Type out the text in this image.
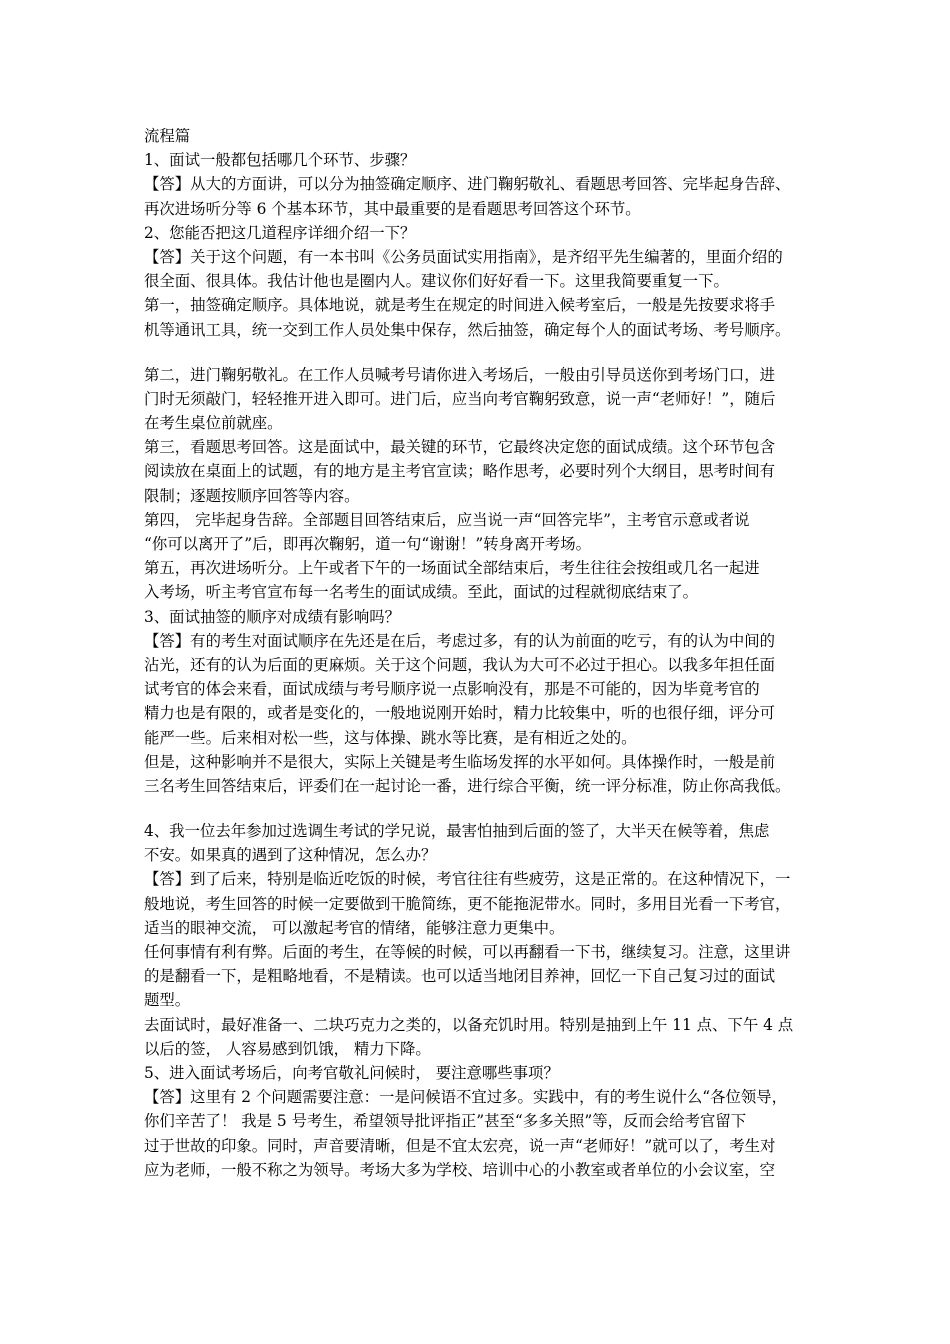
流程篇
1、面试一般都包括哪几个环节、步骤？
【答】从大的方面讲，可以分为抽签确定顺序、进门鞠躬敬礼、看题思考回答、完毕起身告辞、
再次进场听分等 6 个基本环节，其中最重要的是看题思考回答这个环节。
2、您能否把这几道程序详细介绍一下？
【答】关于这个问题，有一本书叫《公务员面试实用指南》，是齐绍平先生编著的，里面介绍的
很全面、很具体。我估计他也是圈内人。建议你们好好看一下。这里我简要重复一下。
第一，抽签确定顺序。具体地说，就是考生在规定的时间进入候考室后，一般是先按要求将手
机等通讯工具，统一交到工作人员处集中保存，然后抽签，确定每个人的面试考场、考号顺序。
第二，进门鞠躬敬礼。在工作人员喊考号请你进入考场后，一般由引导员送你到考场门口，进
门时无须敲门，轻轻推开进入即可。进门后，应当向考官鞠躬致意，说一声“老师好！”，随后
在考生桌位前就座。
第三，看题思考回答。这是面试中，最关键的环节，它最终决定您的面试成绩。这个环节包含
阅读放在桌面上的试题，有的地方是主考官宣读；略作思考，必要时列个大纲目，思考时间有
限制；逐题按顺序回答等内容。
第四， 完毕起身告辞。全部题目回答结束后，应当说一声“回答完毕”，主考官示意或者说
“你可以离开了”后，即再次鞠躬，道一句“谢谢！”转身离开考场。
第五，再次进场听分。上午或者下午的一场面试全部结束后，考生往往会按组或几名一起进
入考场，听主考官宣布每一名考生的面试成绩。至此，面试的过程就彻底结束了。
3、面试抽签的顺序对成绩有影响吗？
【答】有的考生对面试顺序在先还是在后，考虑过多，有的认为前面的吃亏，有的认为中间的
沾光，还有的认为后面的更麻烦。关于这个问题，我认为大可不必过于担心。以我多年担任面
试考官的体会来看，面试成绩与考号顺序说一点影响没有，那是不可能的，因为毕竟考官的
精力也是有限的，或者是变化的，一般地说刚开始时，精力比较集中，听的也很仔细，评分可
能严一些。后来相对松一些，这与体操、跳水等比赛，是有相近之处的。
但是，这种影响并不是很大，实际上关键是考生临场发挥的水平如何。具体操作时，一般是前
三名考生回答结束后，评委们在一起讨论一番，进行综合平衡，统一评分标准，防止你高我低。
4、我一位去年参加过选调生考试的学兄说，最害怕抽到后面的签了，大半天在候等着，焦虑
不安。如果真的遇到了这种情况，怎么办？
【答】到了后来，特别是临近吃饭的时候，考官往往有些疲劳，这是正常的。在这种情况下，一
般地说，考生回答的时候一定要做到干脆简练，更不能拖泥带水。同时，多用目光看一下考官，
适当的眼神交流， 可以激起考官的情绪，能够注意力更集中。
任何事情有利有弊。后面的考生，在等候的时候，可以再翻看一下书，继续复习。注意，这里讲
的是翻看一下，是粗略地看，不是精读。也可以适当地闭目养神，回忆一下自己复习过的面试
题型。
去面试时，最好准备一、二块巧克力之类的，以备充饥时用。特别是抽到上午 11 点、下午 4 点
以后的签， 人容易感到饥饿， 精力下降。
5、进入面试考场后，向考官敬礼问候时， 要注意哪些事项？
【答】这里有 2 个问题需要注意：一是问候语不宜过多。实践中，有的考生说什么“各位领导，
你们辛苦了！ 我是 5 号考生，希望领导批评指正”甚至“多多关照”等，反而会给考官留下
过于世故的印象。同时，声音要清晰，但是不宜太宏亮，说一声“老师好！”就可以了，考生对
应为老师，一般不称之为领导。考场大多为学校、培训中心的小教室或者单位的小会议室，空
